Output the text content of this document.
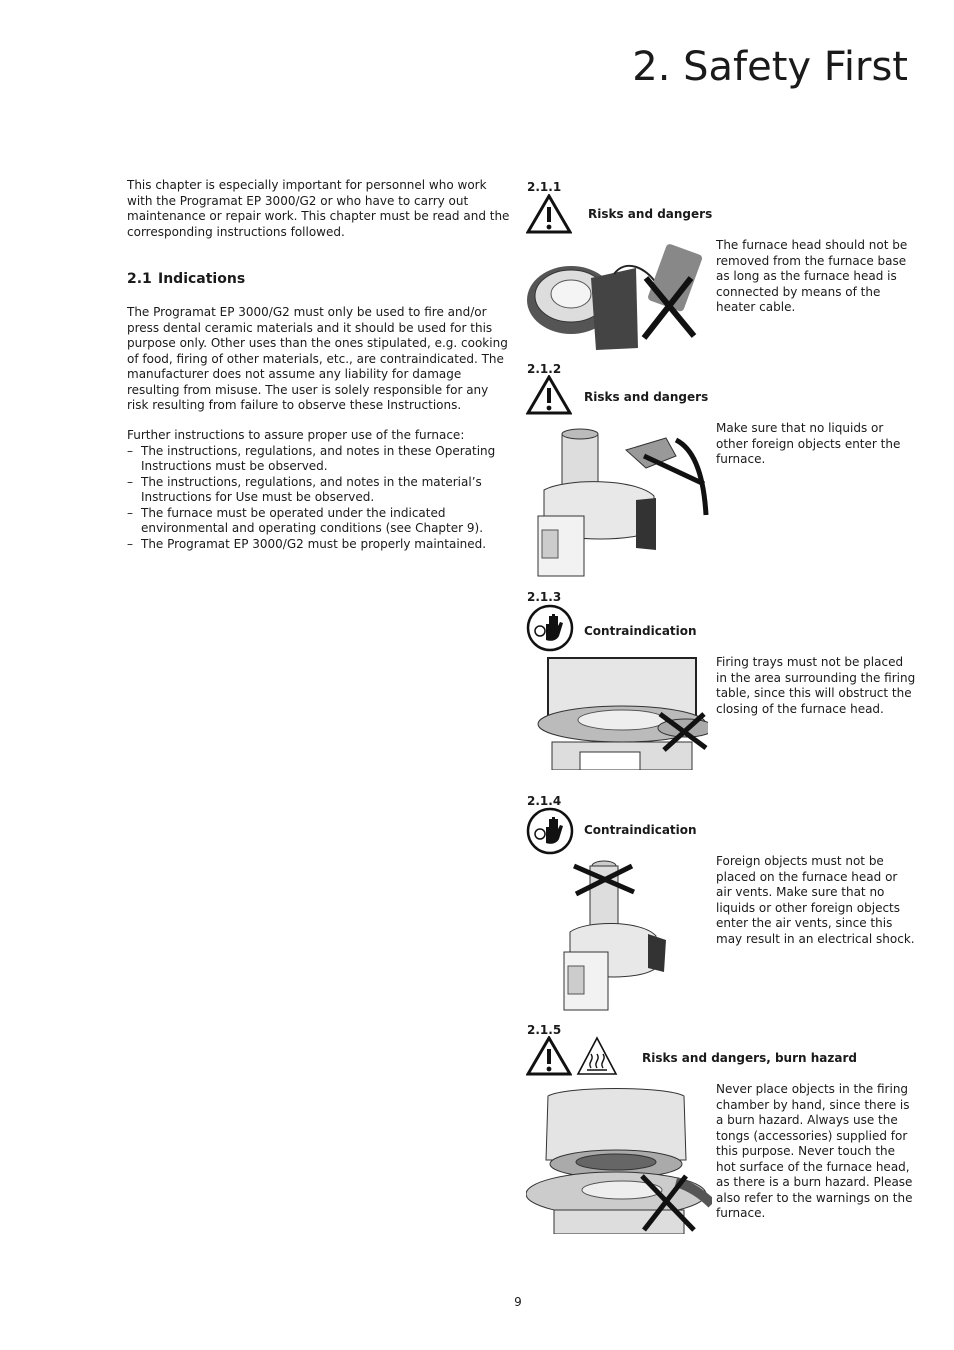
2. Safety First

This chapter is especially important for personnel who work with the Programat EP 3000/G2 or who have to carry out maintenance or repair work. This chapter must be read and the corresponding instructions followed.

2.1 Indications

The Programat EP 3000/G2 must only be used to fire and/or press dental ceramic materials and it should be used for this purpose only. Other uses than the ones stipulated, e.g. cooking of food, firing of other materials, etc., are contraindicated. The manufacturer does not assume any liability for damage resulting from misuse. The user is solely responsible for any risk resulting from failure to observe these Instructions.

Further instructions to assure proper use of the furnace:
– The instructions, regulations, and notes in these Operating Instructions must be observed.
– The instructions, regulations, and notes in the material’s Instructions for Use must be observed.
– The furnace must be operated under the indicated environmental and operating conditions (see Chapter 9).
– The Programat EP 3000/G2 must be properly maintained.
2.1.1
Risks and dangers
The furnace head should not be removed from the furnace base as long as the furnace head is connected by means of the heater cable.
2.1.2
Risks and dangers
Make sure that no liquids or other foreign objects enter the furnace.
2.1.3
Contraindication
Firing trays must not be placed in the area surrounding the firing table, since this will obstruct the closing of the furnace head.
2.1.4
Contraindication
Foreign objects must not be placed on the furnace head or air vents. Make sure that no liquids or other foreign objects enter the air vents, since this may result in an electrical shock.
2.1.5
Risks and dangers, burn hazard
Never place objects in the firing chamber by hand, since there is a burn hazard. Always use the tongs (accessories) supplied for this purpose. Never touch the hot surface of the furnace head, as there is a burn hazard. Please also refer to the warnings on the furnace.
9
